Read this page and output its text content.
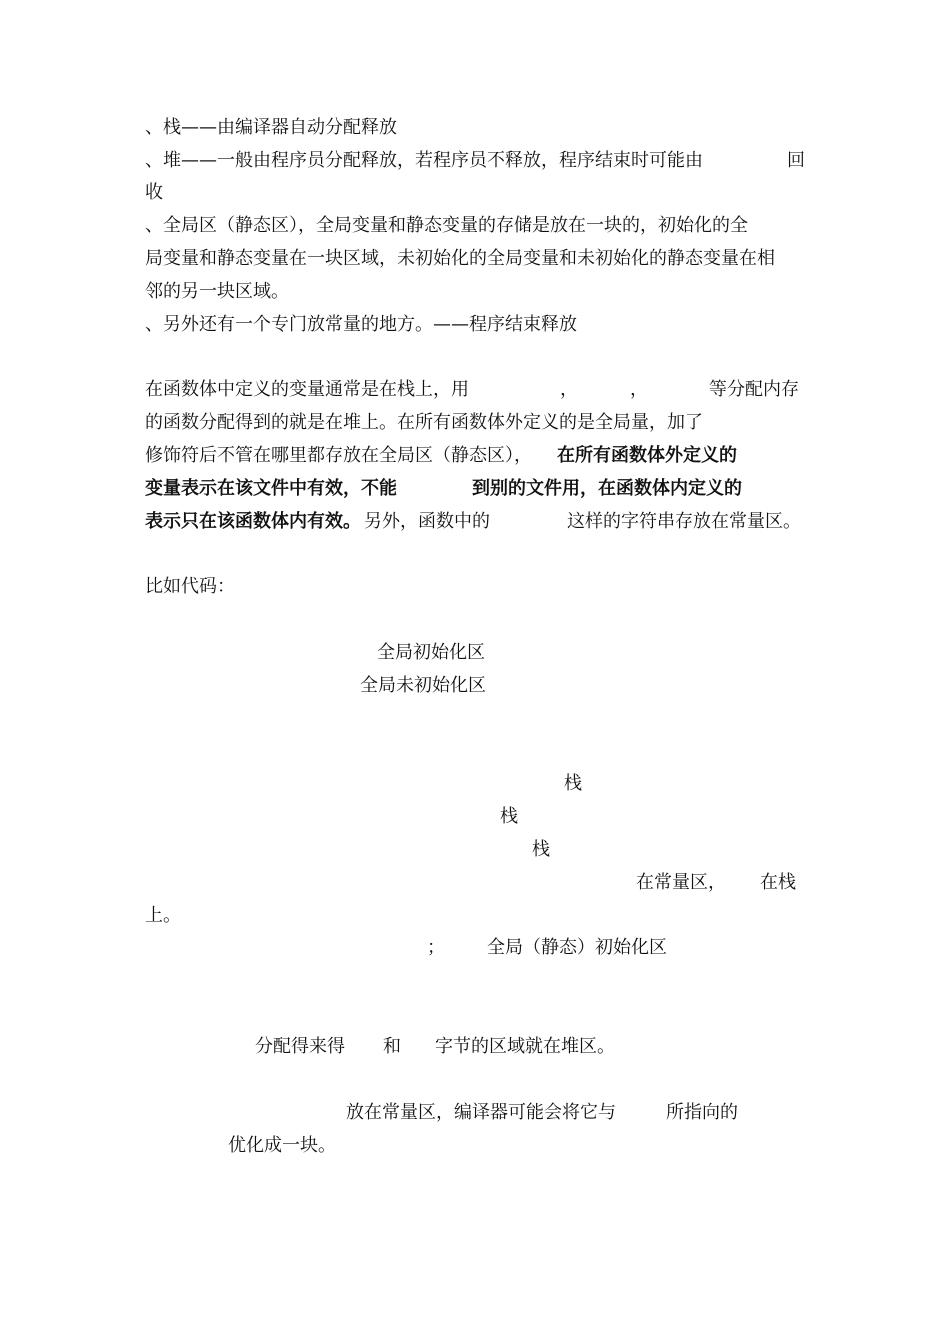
、栈——由编译器自动分配释放
、堆——一般由程序员分配释放，若程序员不释放，程序结束时可能由	回
收
、全局区（静态区），全局变量和静态变量的存储是放在一块的，初始化的全
局变量和静态变量在一块区域，未初始化的全局变量和未初始化的静态变量在相
邻的另一块区域。
、另外还有一个专门放常量的地方。——程序结束释放
在函数体中定义的变量通常是在栈上，用	，	，	等分配内存
的函数分配得到的就是在堆上。在所有函数体外定义的是全局量，加了
修饰符后不管在哪里都存放在全局区（静态区）， 在所有函数体外定义的
变量表示在该文件中有效，不能	到别的文件用，在函数体内定义的
表示只在该函数体内有效。 另外，函数中的	这样的字符串存放在常量区。
比如代码：
全局初始化区
全局未初始化区
栈
栈
栈
在常量区， 在栈
上。
； 全局（静态）初始化区
分配得来得 和 字节的区域就在堆区。
放在常量区，编译器可能会将它与	所指向的
优化成一块。
